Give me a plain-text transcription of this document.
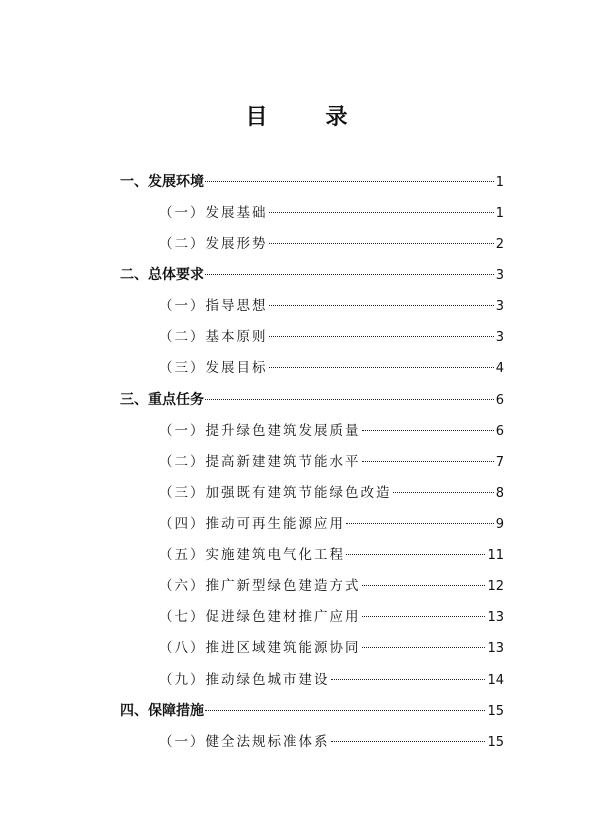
目　录
一、发展环境	1
（一）发展基础	1
（二）发展形势	2
二、总体要求	3
（一）指导思想	3
（二）基本原则	3
（三）发展目标	4
三、重点任务	6
（一）提升绿色建筑发展质量	6
（二）提高新建建筑节能水平	7
（三）加强既有建筑节能绿色改造	8
（四）推动可再生能源应用	9
（五）实施建筑电气化工程	11
（六）推广新型绿色建造方式	12
（七）促进绿色建材推广应用	13
（八）推进区域建筑能源协同	13
（九）推动绿色城市建设	14
四、保障措施	15
（一）健全法规标准体系	15
